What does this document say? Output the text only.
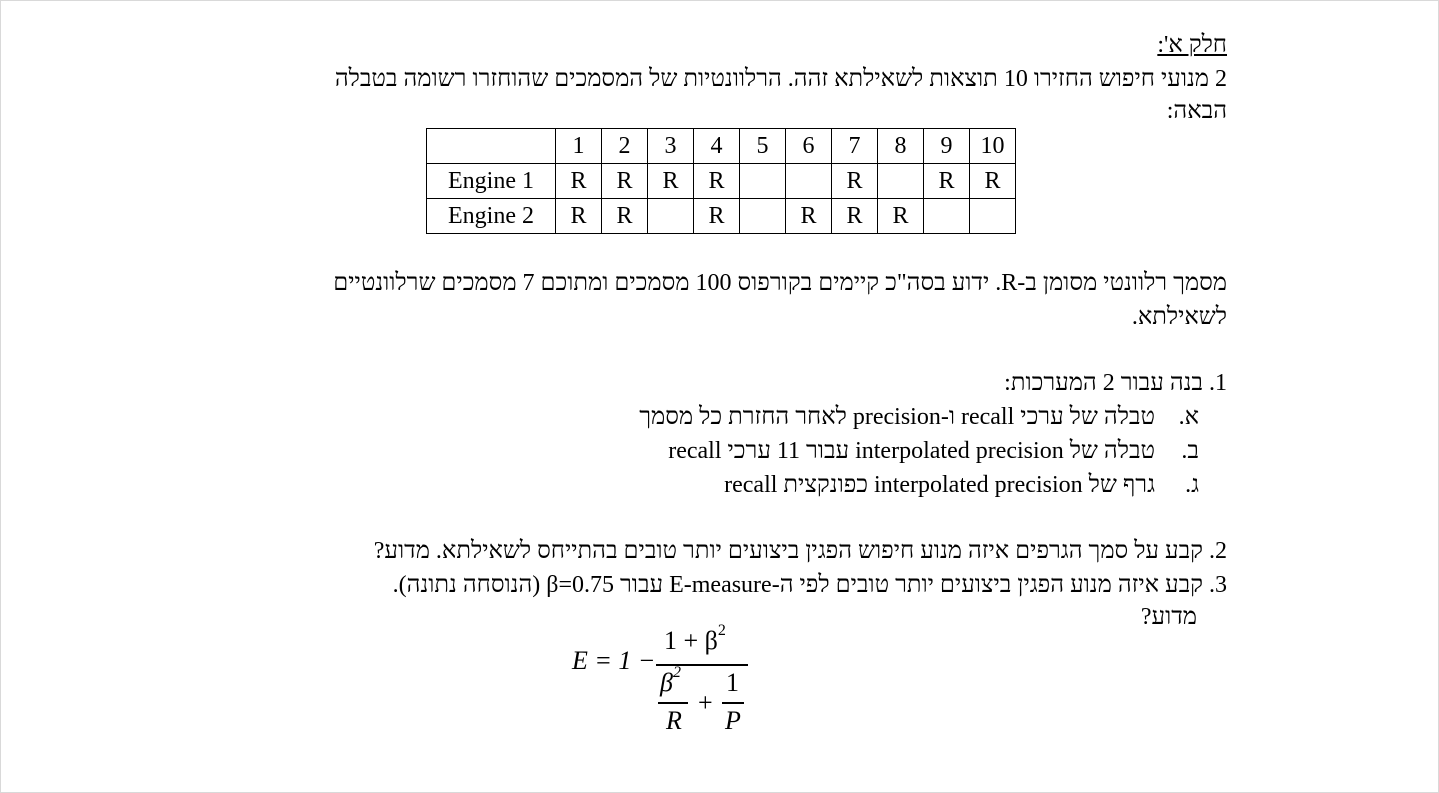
חלק א':
2 מנועי חיפוש החזירו 10 תוצאות לשאילתא זהה. הרלוונטיות של המסמכים שהוחזרו רשומה בטבלה
הבאה:
	1	2	3	4	5	6	7	8	9	10
Engine 1	R	R	R	R			R		R	R
Engine 2	R	R		R		R	R	R		
מסמך רלוונטי מסומן ב-R. ידוע בסה"כ קיימים בקורפוס 100 מסמכים ומתוכם 7 מסמכים שרלוונטיים
לשאילתא.
1. בנה עבור 2 המערכות:
א.טבלה של ערכי recall ו-precision לאחר החזרת כל מסמך
ב.טבלה של interpolated precision עבור 11 ערכי recall
ג.גרף של interpolated precision כפונקצית recall
2. קבע על סמך הגרפים איזה מנוע חיפוש הפגין ביצועים יותר טובים בהתייחס לשאילתא. מדוע?
3. קבע איזה מנוע הפגין ביצועים יותר טובים לפי ה-E-measure עבור β=0.75 (הנוסחה נתונה).
מדוע?
E = 1 −
$1 + \beta^2$
$\beta^2$
R
+
1
P
